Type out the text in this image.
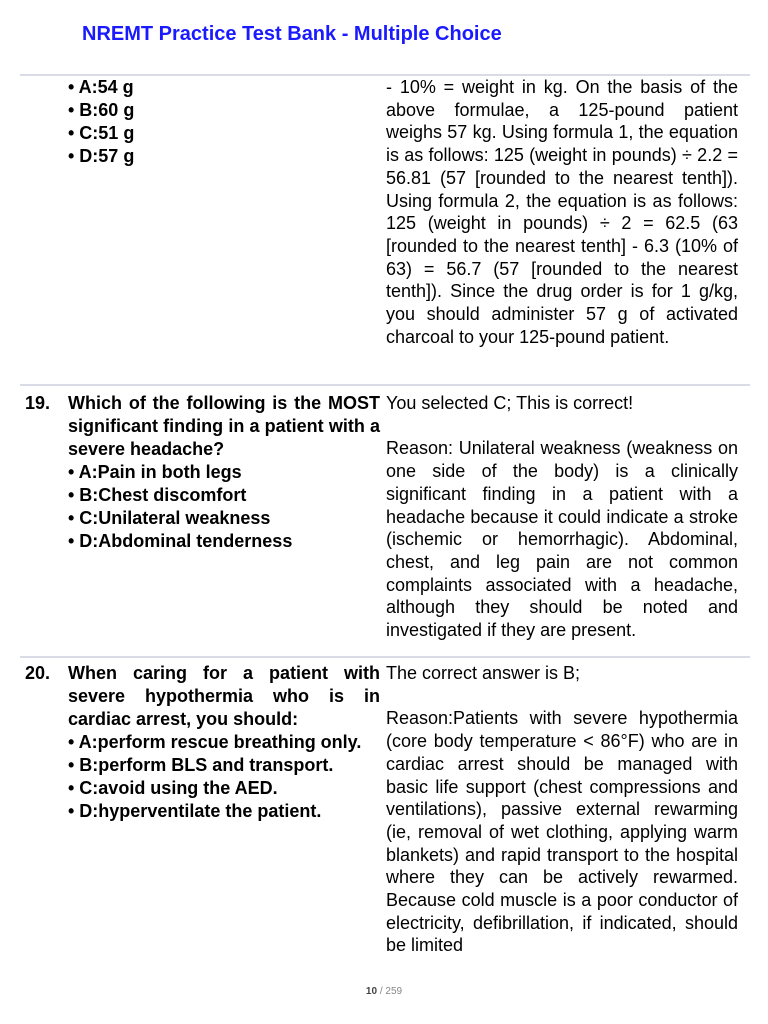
NREMT Practice Test Bank - Multiple Choice

• A:54 g

• B:60 g

• C:51 g

• D:57 g

- 10% = weight in kg. On the basis of the above formulae, a 125-pound patient weighs 57 kg. Using formula 1, the equation is as follows: 125 (weight in pounds) ÷ 2.2 = 56.81 (57 [rounded to the nearest tenth]). Using formula 2, the equation is as follows: 125 (weight in pounds) ÷ 2 = 62.5 (63 [rounded to the nearest tenth] - 6.3 (10% of 63) = 56.7 (57 [rounded to the nearest tenth]). Since the drug order is for 1 g/kg, you should administer 57 g of activated charcoal to your 125-pound patient.

19. Which of the following is the MOST significant finding in a patient with a severe headache?

• A:Pain in both legs

• B:Chest discomfort

• C:Unilateral weakness

• D:Abdominal tenderness

You selected C; This is correct!

Reason: Unilateral weakness (weakness on one side of the body) is a clinically significant finding in a patient with a headache because it could indicate a stroke (ischemic or hemorrhagic). Abdominal, chest, and leg pain are not common complaints associated with a headache, although they should be noted and investigated if they are present.

20. When caring for a patient with severe hypothermia who is in cardiac arrest, you should:

• A:perform rescue breathing only.

• B:perform BLS and transport.

• C:avoid using the AED.

• D:hyperventilate the patient.

The correct answer is B;

Reason:Patients with severe hypothermia (core body temperature < 86°F) who are in cardiac arrest should be managed with basic life support (chest compressions and ventilations), passive external rewarming (ie, removal of wet clothing, applying warm blankets) and rapid transport to the hospital where they can be actively rewarmed. Because cold muscle is a poor conductor of electricity, defibrillation, if indicated, should be limited

10 / 259
